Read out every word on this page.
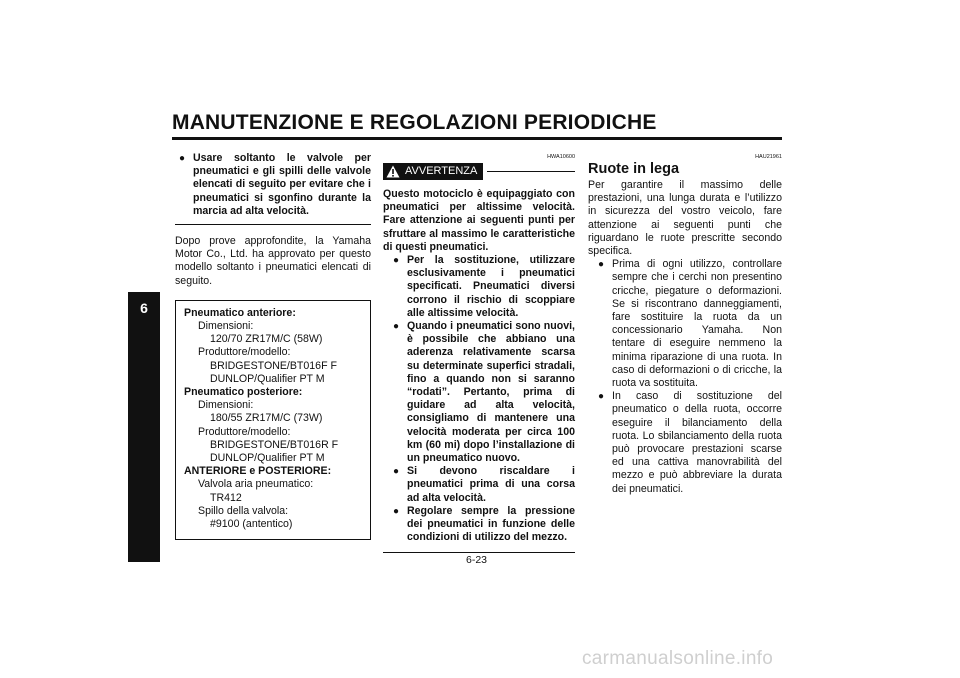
MANUTENZIONE E REGOLAZIONI PERIODICHE
6
● Usare soltanto le valvole per pneumatici e gli spilli delle valvole elencati di seguito per evitare che i pneumatici si sgonfino durante la marcia ad alta velocità.
Dopo prove approfondite, la Yamaha Motor Co., Ltd. ha approvato per questo modello soltanto i pneumatici elencati di seguito.
Pneumatico anteriore:
Dimensioni:
120/70 ZR17M/C (58W)
Produttore/modello:
BRIDGESTONE/BT016F F
DUNLOP/Qualifier PT M
Pneumatico posteriore:
Dimensioni:
180/55 ZR17M/C (73W)
Produttore/modello:
BRIDGESTONE/BT016R F
DUNLOP/Qualifier PT M
ANTERIORE e POSTERIORE:
Valvola aria pneumatico:
TR412
Spillo della valvola:
#9100 (antentico)
HWA10600
AVVERTENZA
Questo motociclo è equipaggiato con pneumatici per altissime velocità. Fare attenzione ai seguenti punti per sfruttare al massimo le caratteristiche di questi pneumatici.
● Per la sostituzione, utilizzare esclusivamente i pneumatici specificati. Pneumatici diversi corrono il rischio di scoppiare alle altissime velocità.
● Quando i pneumatici sono nuovi, è possibile che abbiano una aderenza relativamente scarsa su determinate superfici stradali, fino a quando non si saranno “rodati”. Pertanto, prima di guidare ad alta velocità, consigliamo di mantenere una velocità moderata per circa 100 km (60 mi) dopo l’installazione di un pneumatico nuovo.
● Si devono riscaldare i pneumatici prima di una corsa ad alta velocità.
● Regolare sempre la pressione dei pneumatici in funzione delle condizioni di utilizzo del mezzo.
HAU21961
Ruote in lega
Per garantire il massimo delle prestazioni, una lunga durata e l’utilizzo in sicurezza del vostro veicolo, fare attenzione ai seguenti punti che riguardano le ruote prescritte secondo specifica.
● Prima di ogni utilizzo, controllare sempre che i cerchi non presentino cricche, piegature o deformazioni. Se si riscontrano danneggiamenti, fare sostituire la ruota da un concessionario Yamaha. Non tentare di eseguire nemmeno la minima riparazione di una ruota. In caso di deformazioni o di cricche, la ruota va sostituita.
● In caso di sostituzione del pneumatico o della ruota, occorre eseguire il bilanciamento della ruota. Lo sbilanciamento della ruota può provocare prestazioni scarse ed una cattiva manovrabilità del mezzo e può abbreviare la durata dei pneumatici.
6-23
carmanualsonline.info
